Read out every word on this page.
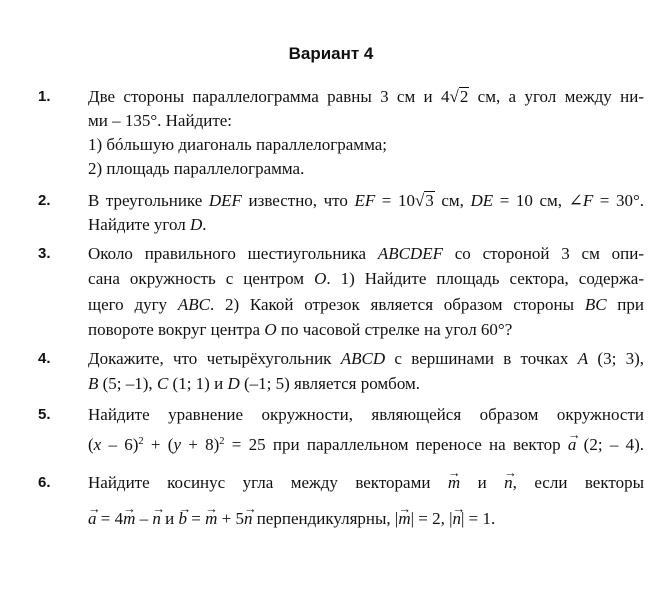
Вариант 4
1. Две стороны параллелограмма равны 3 см и 4√2 см, а угол между ни-
ми – 135°. Найдите:
1) бóльшую диагональ параллелограмма;
2) площадь параллелограмма.
2. В треугольнике DEF известно, что EF = 10√3 см, DE = 10 см, ∠F = 30°.
Найдите угол D.
3. Около правильного шестиугольника ABCDEF со стороной 3 см опи-
сана окружность с центром O. 1) Найдите площадь сектора, содержа-
щего дугу ABC. 2) Какой отрезок является образом стороны BC при
повороте вокруг центра O по часовой стрелке на угол 60°?
4. Докажите, что четырёхугольник ABCD с вершинами в точках A (3; 3),
B (5; –1), C (1; 1) и D (–1; 5) является ромбом.
5. Найдите уравнение окружности, являющейся образом окружности
$(x - 6)^2 + (y + 8)^2 = 25$ при параллельном переносе на вектор → a (2; – 4).
6. Найдите косинус угла между векторами → m и → n, если векторы
→ a = 4→ m – → n и → b = → m + 5→ n перпендикулярны, |→ m| = 2, |→ n| = 1.
